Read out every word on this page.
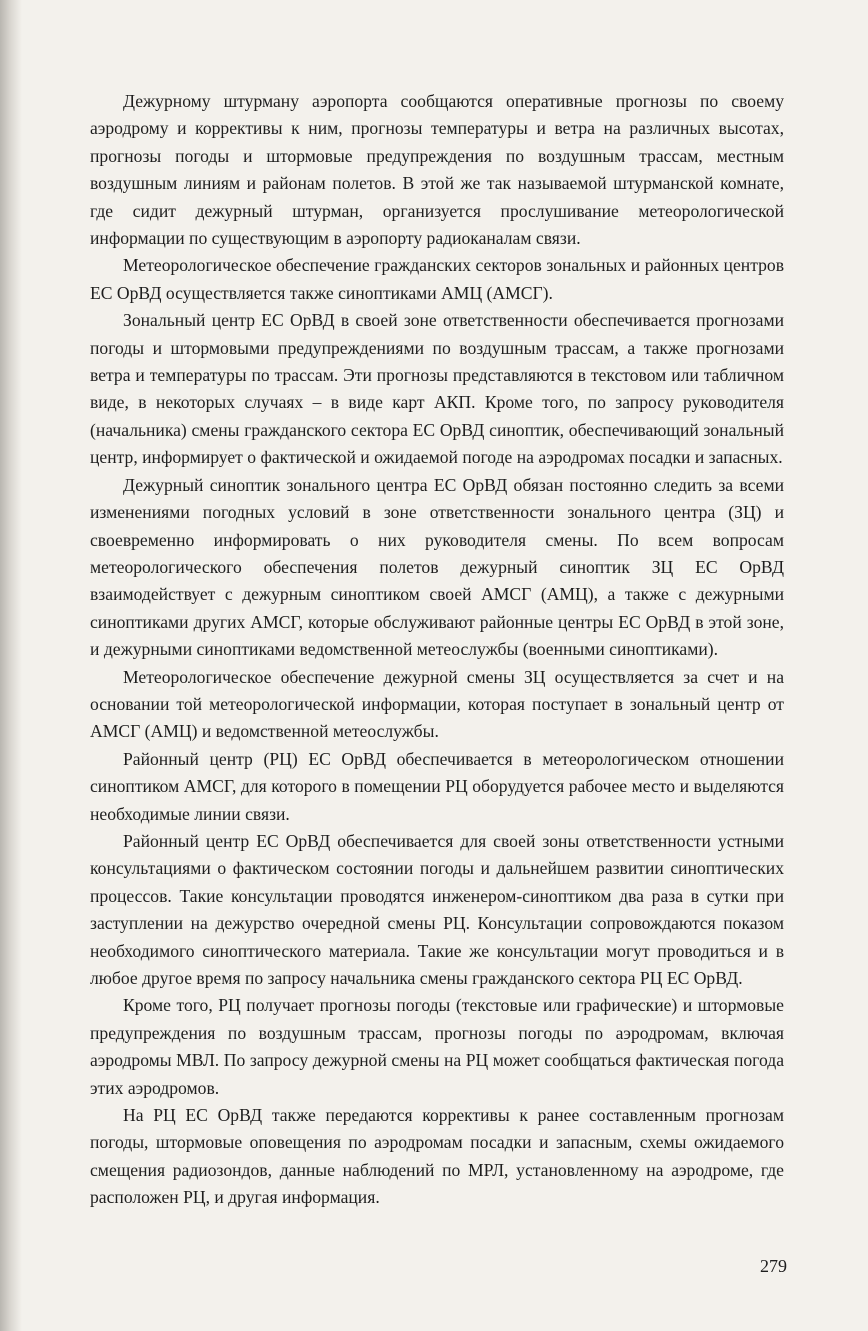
Дежурному штурману аэропорта сообщаются оперативные прогнозы по своему аэродрому и коррективы к ним, прогнозы температуры и ветра на различных высотах, прогнозы погоды и штормовые предупреждения по воздушным трассам, местным воздушным линиям и районам полетов. В этой же так называемой штурманской комнате, где сидит дежурный штурман, организуется прослушивание метеорологической информации по существующим в аэропорту радиоканалам связи.

Метеорологическое обеспечение гражданских секторов зональных и районных центров ЕС ОрВД осуществляется также синоптиками АМЦ (АМСГ).

Зональный центр ЕС ОрВД в своей зоне ответственности обеспечивается прогнозами погоды и штормовыми предупреждениями по воздушным трассам, а также прогнозами ветра и температуры по трассам. Эти прогнозы представляются в текстовом или табличном виде, в некоторых случаях – в виде карт АКП. Кроме того, по запросу руководителя (начальника) смены гражданского сектора ЕС ОрВД синоптик, обеспечивающий зональный центр, информирует о фактической и ожидаемой погоде на аэродромах посадки и запасных.

Дежурный синоптик зонального центра ЕС ОрВД обязан постоянно следить за всеми изменениями погодных условий в зоне ответственности зонального центра (ЗЦ) и своевременно информировать о них руководителя смены. По всем вопросам метеорологического обеспечения полетов дежурный синоптик ЗЦ ЕС ОрВД взаимодействует с дежурным синоптиком своей АМСГ (АМЦ), а также с дежурными синоптиками других АМСГ, которые обслуживают районные центры ЕС ОрВД в этой зоне, и дежурными синоптиками ведомственной метеослужбы (военными синоптиками).

Метеорологическое обеспечение дежурной смены ЗЦ осуществляется за счет и на основании той метеорологической информации, которая поступает в зональный центр от АМСГ (АМЦ) и ведомственной метеослужбы.

Районный центр (РЦ) ЕС ОрВД обеспечивается в метеорологическом отношении синоптиком АМСГ, для которого в помещении РЦ оборудуется рабочее место и выделяются необходимые линии связи.

Районный центр ЕС ОрВД обеспечивается для своей зоны ответственности устными консультациями о фактическом состоянии погоды и дальнейшем развитии синоптических процессов. Такие консультации проводятся инженером-синоптиком два раза в сутки при заступлении на дежурство очередной смены РЦ. Консультации сопровождаются показом необходимого синоптического материала. Такие же консультации могут проводиться и в любое другое время по запросу начальника смены гражданского сектора РЦ ЕС ОрВД.

Кроме того, РЦ получает прогнозы погоды (текстовые или графические) и штормовые предупреждения по воздушным трассам, прогнозы погоды по аэродромам, включая аэродромы МВЛ. По запросу дежурной смены на РЦ может сообщаться фактическая погода этих аэродромов.

На РЦ ЕС ОрВД также передаются коррективы к ранее составленным прогнозам погоды, штормовые оповещения по аэродромам посадки и запасным, схемы ожидаемого смещения радиозондов, данные наблюдений по МРЛ, установленному на аэродроме, где расположен РЦ, и другая информация.

279
